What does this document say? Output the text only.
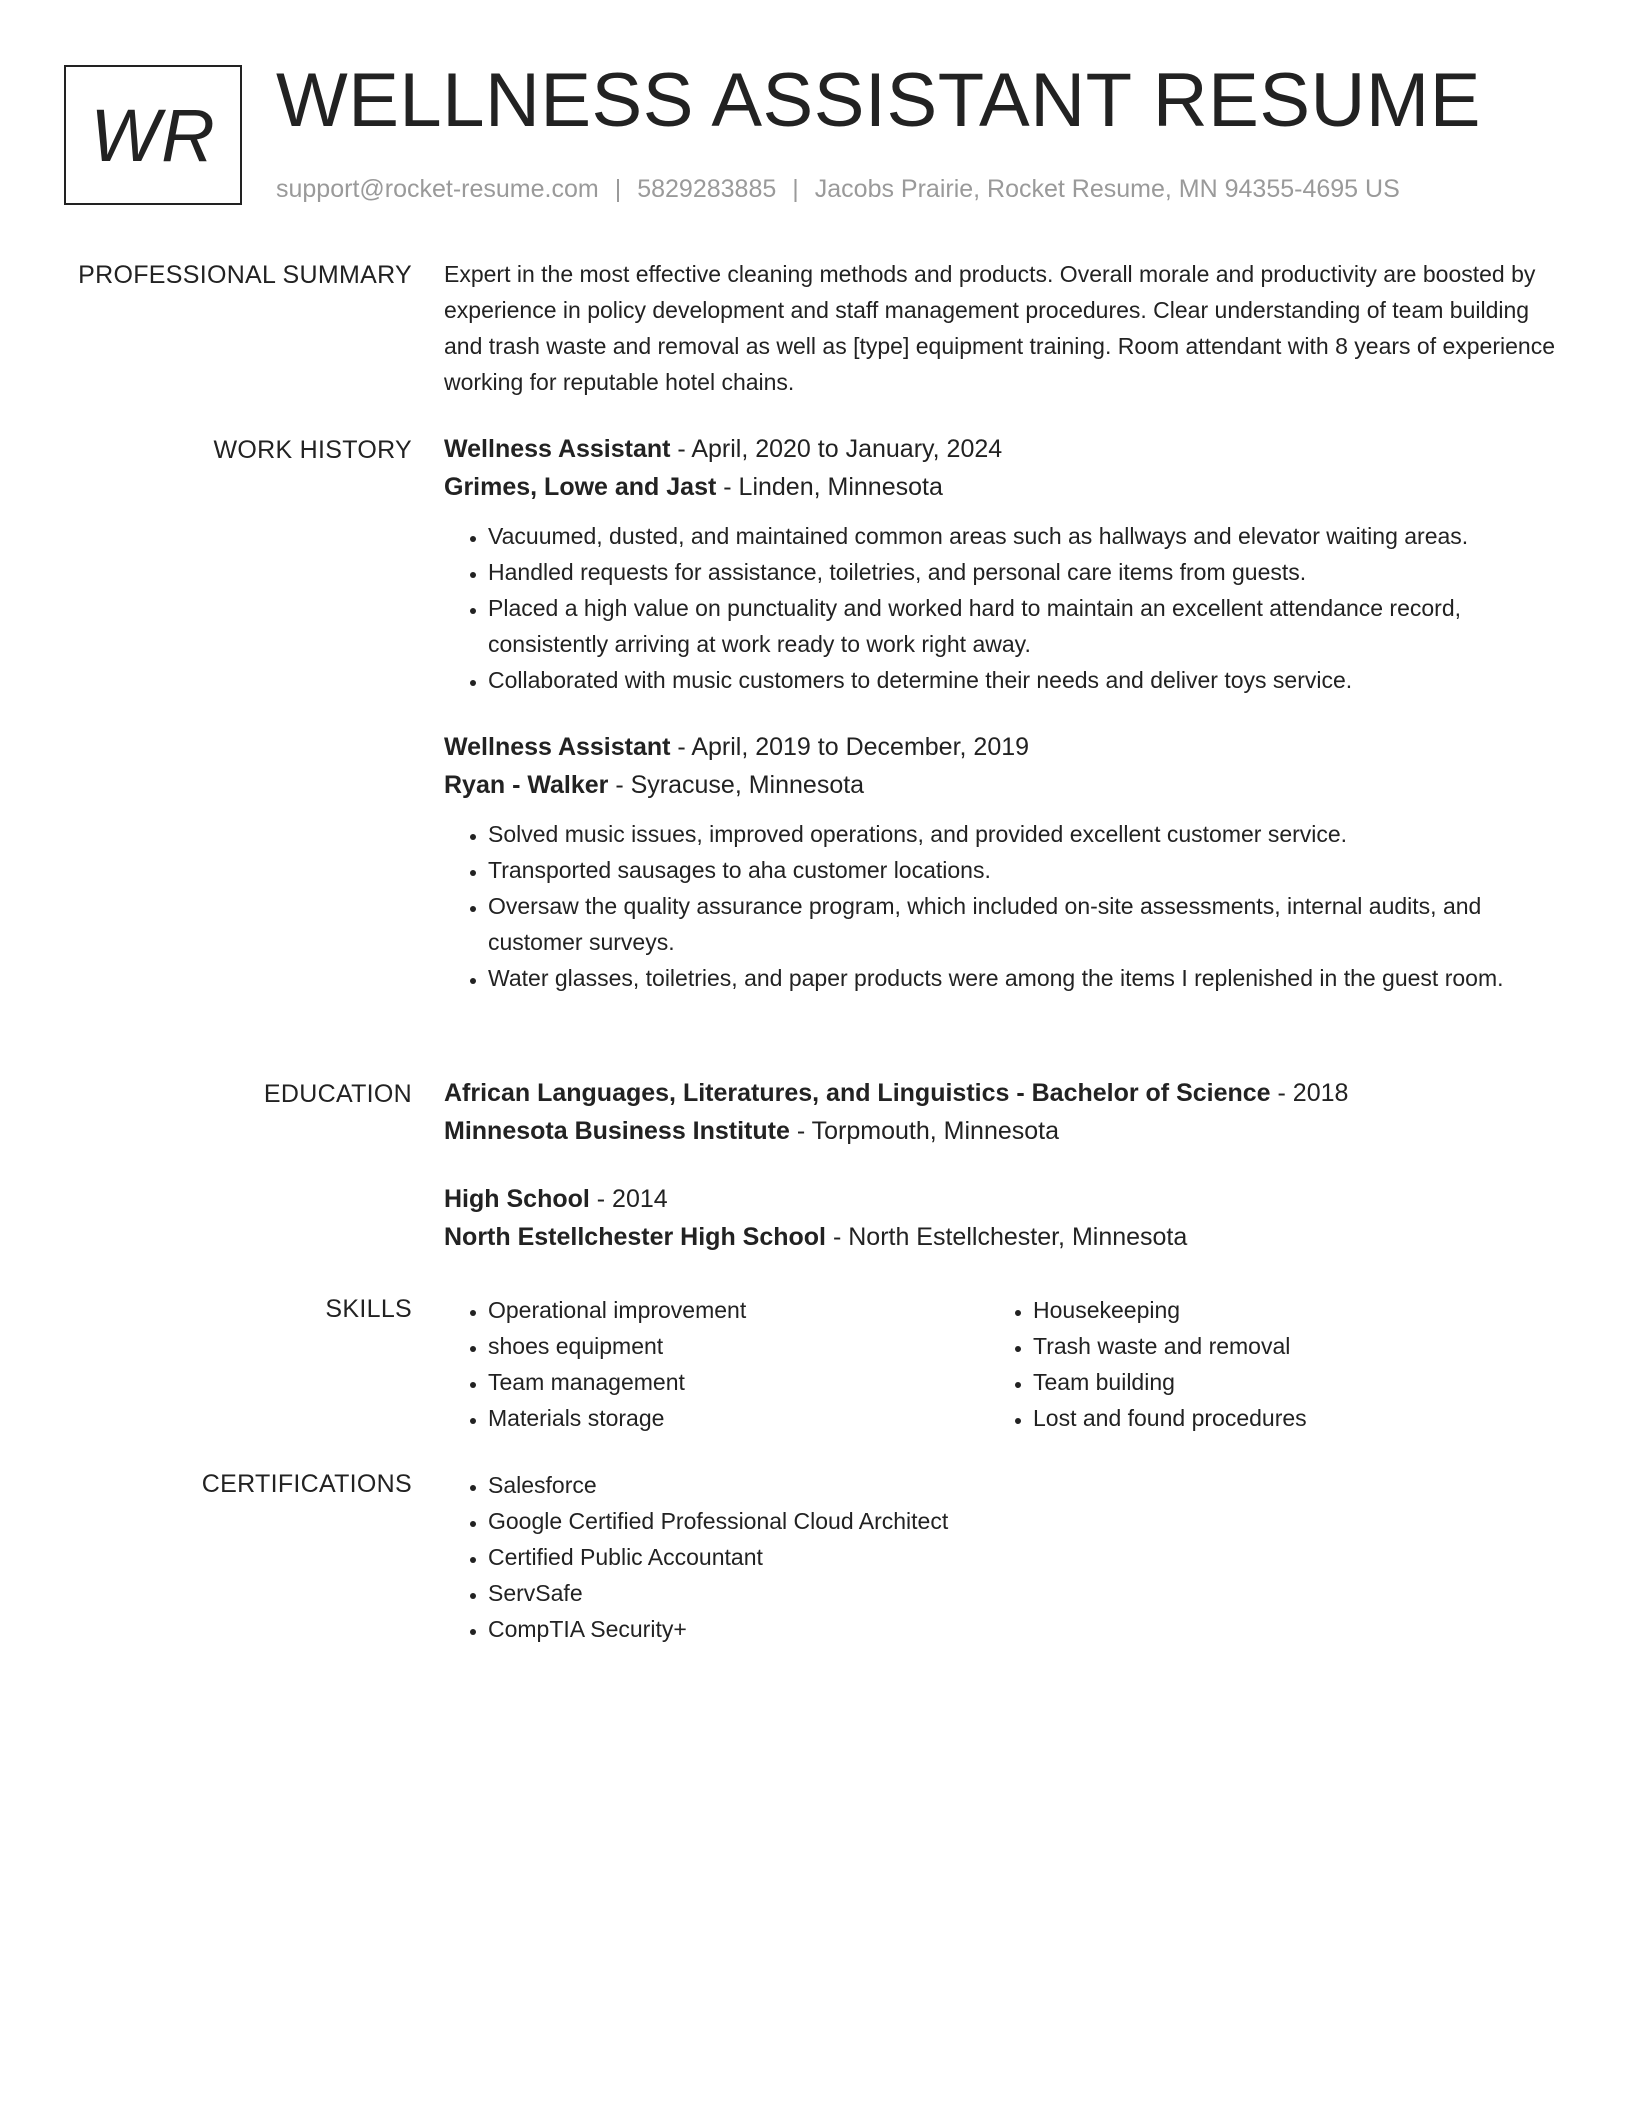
WR WELLNESS ASSISTANT RESUME
support@rocket-resume.com | 5829283885 | Jacobs Prairie, Rocket Resume, MN 94355-4695 US
PROFESSIONAL SUMMARY Expert in the most effective cleaning methods and products. Overall morale and productivity are boosted by experience in policy development and staff management procedures. Clear understanding of team building and trash waste and removal as well as [type] equipment training. Room attendant with 8 years of experience working for reputable hotel chains.

WORK HISTORY Wellness Assistant - April, 2020 to January, 2024

Grimes, Lowe and Jast - Linden, Minnesota

• Vacuumed, dusted, and maintained common areas such as hallways and elevator waiting areas.
• Handled requests for assistance, toiletries, and personal care items from guests.
• Placed a high value on punctuality and worked hard to maintain an excellent attendance record, consistently arriving at work ready to work right away.
• Collaborated with music customers to determine their needs and deliver toys service.

Wellness Assistant - April, 2019 to December, 2019

Ryan - Walker - Syracuse, Minnesota

• Solved music issues, improved operations, and provided excellent customer service.
• Transported sausages to aha customer locations.
• Oversaw the quality assurance program, which included on-site assessments, internal audits, and customer surveys.
• Water glasses, toiletries, and paper products were among the items I replenished in the guest room.
EDUCATION African Languages, Literatures, and Linguistics - Bachelor of Science - 2018

Minnesota Business Institute - Torpmouth, Minnesota

High School - 2014

North Estellchester High School - North Estellchester, Minnesota

SKILLS	• Operational improvement
• shoes equipment
• Team management
• Materials storage
• Housekeeping
• Trash waste and removal
• Team building
• Lost and found procedures
CERTIFICATIONS	• Salesforce
• Google Certified Professional Cloud Architect
• Certified Public Accountant
• ServSafe
• CompTIA Security+
